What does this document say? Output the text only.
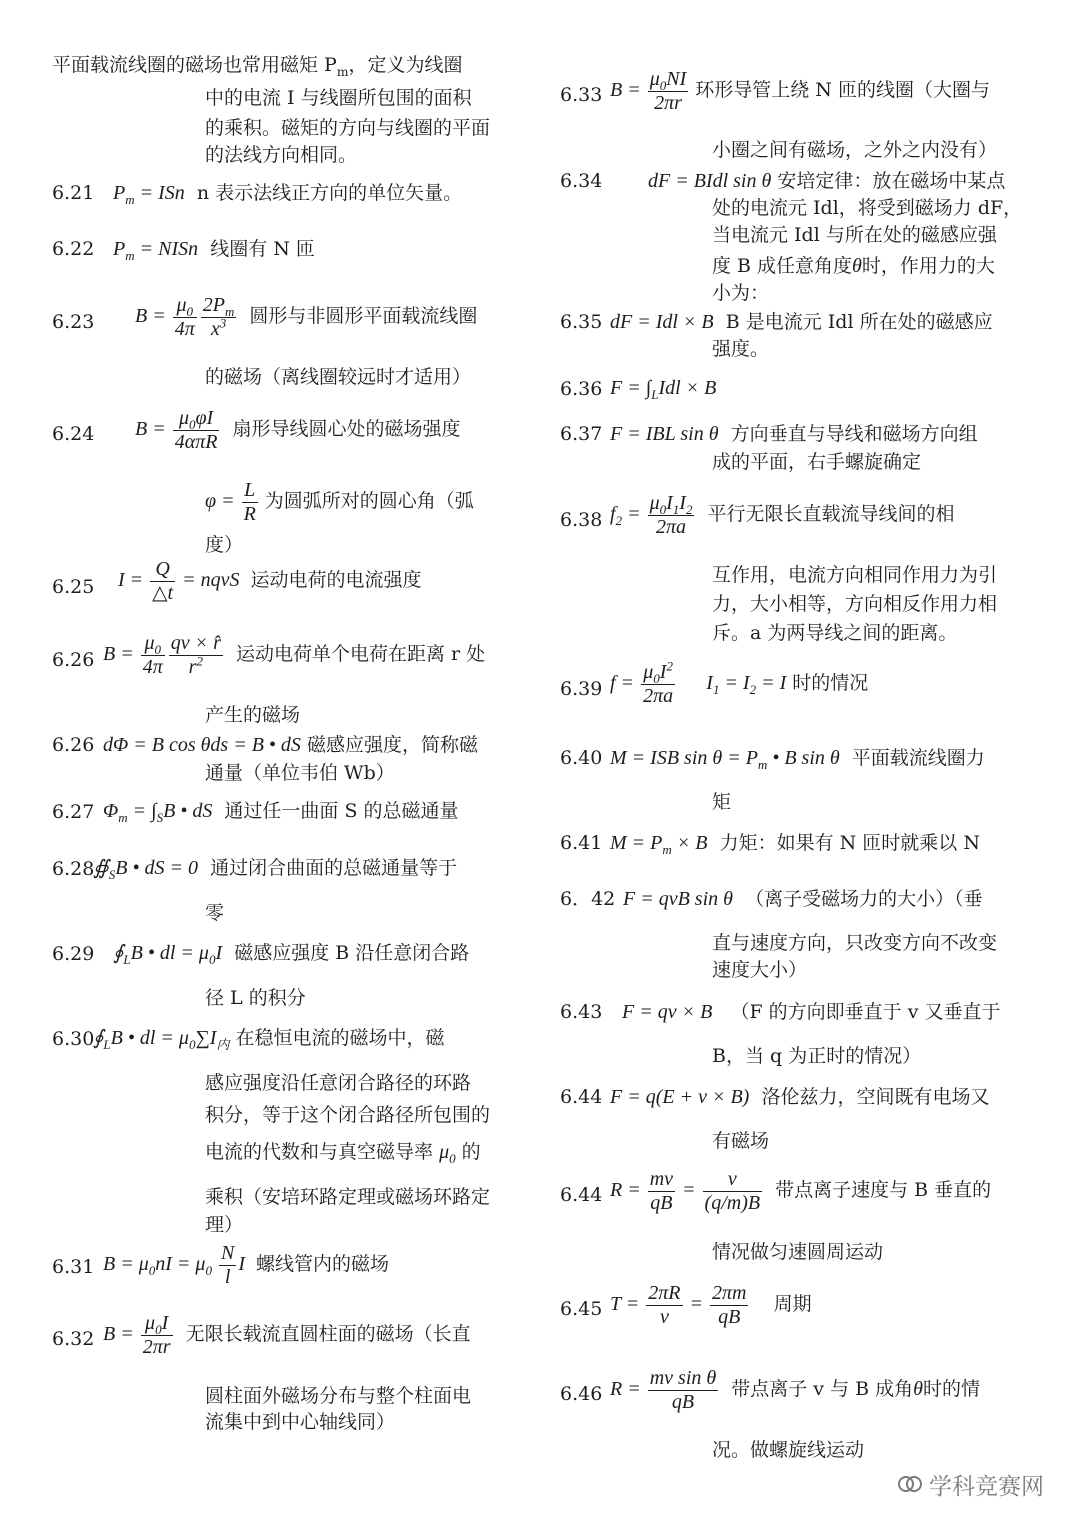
平面载流线圈的磁场也常用磁矩 $P_m$，定义为线圈
中的电流 I 与线圈所包围的面积
的乘积。磁矩的方向与线圈的平面
的法线方向相同。
6.21 $P_m$ = ISn n 表示法线正方向的单位矢量。
6.22 $P_m$ = NISn 线圈有 N 匝
6.23 $B = \frac{\mu_0}{4\pi} \frac{2P_m}{x^3}$ 圆形与非圆形平面载流线圈
的磁场（离线圈较远时才适用）
6.24 $B = \frac{\mu_0\varphi I}{\text{4απR}}$ 扇形导线圆心处的磁场强度
$\varphi = \frac{L}{R}$ 为圆弧所对的圆心角（弧
度）
6.25 $I = \frac{Q}{\triangle t}$ = nqvS  运动电荷的电流强度
6.26 $B = \frac{\mu_0}{4\pi} \frac{qv \times r̂}{r^2}$ 运动电荷单个电荷在距离 r 处
产生的磁场
6.26 dΦ = B cos θds = B • dS 磁感应强度，简称磁
通量（单位韦伯 Wb）
6.27 $\Phi_m = \int_SB$ • dS 通过任一曲面 S 的总磁通量
6.28
$∯_SB$ • dS = 0 通过闭合曲面的总磁通量等于
零
6.29 $∮_LB$ • dl = $\mu_0I$ 磁感应强度 B 沿任意闭合路
径 L 的积分
6.30
$∮_LB$ • dl = $\mu_0\sum I_内$ 在稳恒电流的磁场中，磁
感应强度沿任意闭合路径的环路
积分，等于这个闭合路径所包围的
电流的代数和与真空磁导率 $\mu_0$ 的
乘积（安培环路定理或磁场环路定
理）
6.31 $B = \mu_0nI = \mu_0 \frac{N}{l}$ I  螺线管内的磁场
6.32 $B = \frac{\mu_0I}{2\pi r}$ 无限长载流直圆柱面的磁场（长直
圆柱面外磁场分布与整个柱面电
流集中到中心轴线同）
6.33 $B = \frac{\mu_0NI}{2\pi r}$ 环形导管上绕 N 匝的线圈（大圈与
小圈之间有磁场，之外之内没有）
6.34 dF = BIdl sin θ 安培定律：放在磁场中某点
处的电流元 Idl，将受到磁场力 dF，
当电流元 Idl 与所在处的磁感应强
度 B 成任意角度θ时，作用力的大
小为：
6.35 dF = Idl × B B 是电流元 Idl 所在处的磁感应
强度。
6.36 $F = \int_LIdl \times B$
6.37 F = IBL sin θ 方向垂直与导线和磁场方向组
成的平面，右手螺旋确定
6.38 $f_2 = \frac{\mu_0I_1I_2}{2\pi a}$ 平行无限长直载流导线间的相
互作用，电流方向相同作用力为引
力，大小相等，方向相反作用力相
斥。a 为两导线之间的距离。
6.39 $f = \frac{\mu_0I^2}{2\pi a} I_1 = I_2 = I$ 时的情况
6.40 M = ISB $\sin \theta = P_m$ • B sin θ 平面载流线圈力
矩
6.41 $M = P_m \times B$ 力矩：如果有 N 匝时就乘以 N
6．42 F = qvB sin θ （离子受磁场力的大小）（垂
直与速度方向，只改变方向不改变
速度大小）
6.43 F = qv × B （F 的方向即垂直于 v 又垂直于
B，当 q 为正时的情况）
6.44 F = q(E + v × B) 洛伦兹力，空间既有电场又
有磁场
6.44 $R = \frac{mv}{qB} = \frac{v}{(q/m)B}$ 带点离子速度与 B 垂直的
情况做匀速圆周运动
6.45 $T = \frac{2\pi R}{v} = \frac{2\pi m}{qB}$ 周期
6.46 $R = \frac{\text{mv sin θ}}{qB}$ 带点离子 v 与 B 成角θ时的情
况。做螺旋线运动
学科竞赛网
